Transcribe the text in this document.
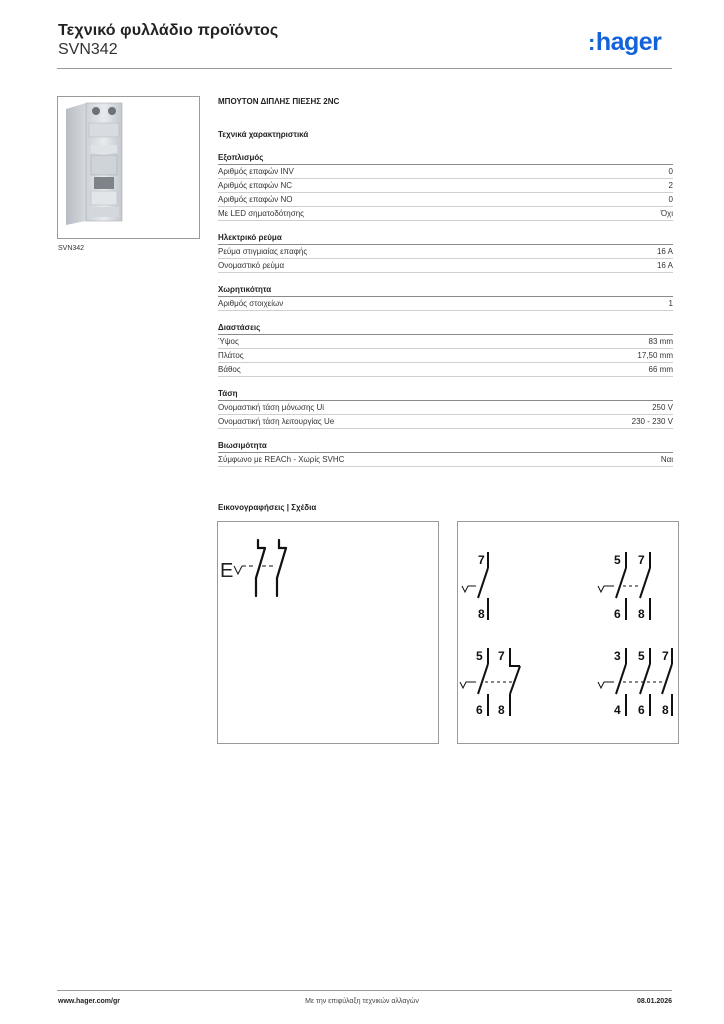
Τεχνικό φυλλάδιο προϊόντος
SVN342	:hager
SVN342
ΜΠΟΥΤΟΝ ΔΙΠΛΗΣ ΠΙΕΣΗΣ 2NC
Τεχνικά χαρακτηριστικά
Εξοπλισμός
Αριθμός επαφών INV	0
Αριθμός επαφών NC	2
Αριθμός επαφών NO	0
Με LED σηματοδότησης	Όχι
Ηλεκτρικό ρεύμα
Ρεύμα στιγμιαίας επαφής	16 A
Ονομαστικό ρεύμα	16 A
Χωρητικότητα
Αριθμός στοιχείων	1
Διαστάσεις
Ύψος	83 mm
Πλάτος	17,50 mm
Βάθος	66 mm
Τάση
Ονομαστική τάση μόνωσης Ui	250 V
Ονομαστική τάση λειτουργίας Ue	230 - 230 V
Βιωσιμότητα
Σύμφωνο με REACh - Χωρίς SVHC	Ναι
Εικονογραφήσεις | Σχέδια
E	7
8
5 7
6 8
5 7
6 8
3 5 7
4 6 8
www.hager.com/gr	Με την επιφύλαξη τεχνικών αλλαγών	08.01.2026
